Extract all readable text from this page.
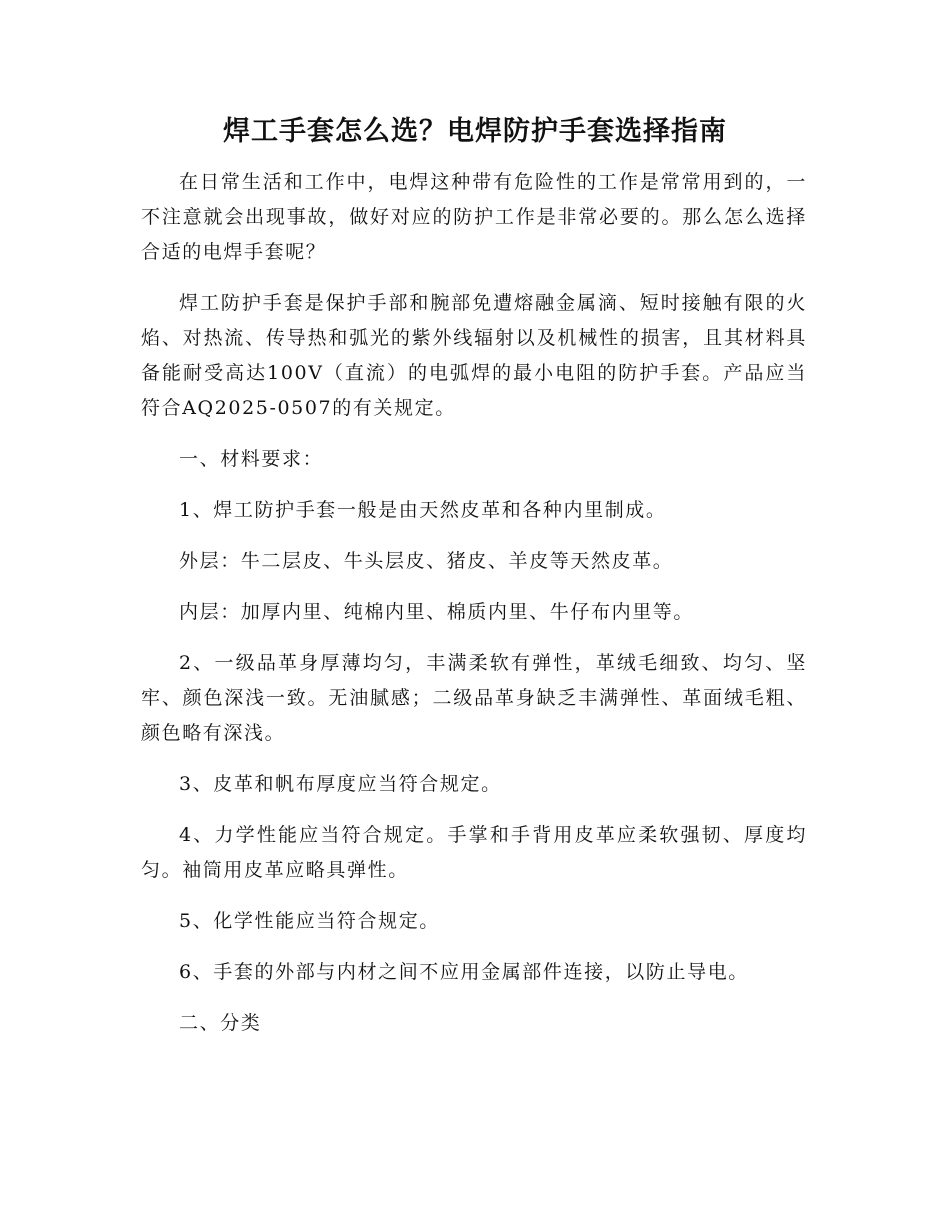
焊工手套怎么选？电焊防护手套选择指南

在日常生活和工作中，电焊这种带有危险性的工作是常常用到的，一不注意就会出现事故，做好对应的防护工作是非常必要的。那么怎么选择合适的电焊手套呢？

焊工防护手套是保护手部和腕部免遭熔融金属滴、短时接触有限的火焰、对热流、传导热和弧光的紫外线辐射以及机械性的损害，且其材料具备能耐受高达100V（直流）的电弧焊的最小电阻的防护手套。产品应当符合AQ2025-0507的有关规定。

一、材料要求：

1、焊工防护手套一般是由天然皮革和各种内里制成。

外层：牛二层皮、牛头层皮、猪皮、羊皮等天然皮革。

内层：加厚内里、纯棉内里、棉质内里、牛仔布内里等。

2、一级品革身厚薄均匀，丰满柔软有弹性，革绒毛细致、均匀、坚牢、颜色深浅一致。无油腻感；二级品革身缺乏丰满弹性、革面绒毛粗、颜色略有深浅。

3、皮革和帆布厚度应当符合规定。

4、力学性能应当符合规定。手掌和手背用皮革应柔软强韧、厚度均匀。袖筒用皮革应略具弹性。

5、化学性能应当符合规定。

6、手套的外部与内材之间不应用金属部件连接，以防止导电。

二、分类
